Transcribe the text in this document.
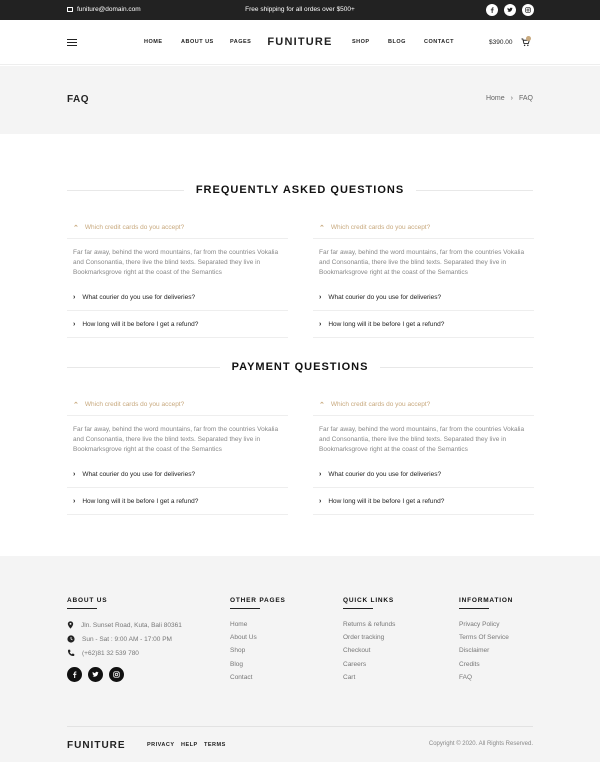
funiture@domain.com	Free shipping for all ordes over $500+
HOME	ABOUT US	PAGES	FUNITURE	SHOP	BLOG	CONTACT	$390.00
FAQ	Home › FAQ
FREQUENTLY ASKED QUESTIONS
⌃ Which credit cards do you accept?
Far far away, behind the word mountains, far from the countries Vokalia and Consonantia, there live the blind texts. Separated they live in Bookmarksgrove right at the coast of the Semantics
› What courier do you use for deliveries?
› How long will it be before I get a refund?
⌃ Which credit cards do you accept?
Far far away, behind the word mountains, far from the countries Vokalia and Consonantia, there live the blind texts. Separated they live in Bookmarksgrove right at the coast of the Semantics
› What courier do you use for deliveries?
› How long will it be before I get a refund?
PAYMENT QUESTIONS
⌃ Which credit cards do you accept?
Far far away, behind the word mountains, far from the countries Vokalia and Consonantia, there live the blind texts. Separated they live in Bookmarksgrove right at the coast of the Semantics
› What courier do you use for deliveries?
› How long will it be before I get a refund?
⌃ Which credit cards do you accept?
Far far away, behind the word mountains, far from the countries Vokalia and Consonantia, there live the blind texts. Separated they live in Bookmarksgrove right at the coast of the Semantics
› What courier do you use for deliveries?
› How long will it be before I get a refund?
ABOUT US
Jln. Sunset Road, Kuta, Bali 80361
Sun - Sat : 9:00 AM - 17:00 PM
(+62)81 32 539 780
OTHER PAGES
Home
About Us
Shop
Blog
Contact
QUICK LINKS
Returns & refunds
Order tracking
Checkout
Careers
Cart
INFORMATION
Privacy Policy
Terms Of Service
Disclaimer
Credits
FAQ
FUNITURE	PRIVACY HELP TERMS	Copyright © 2020. All Rights Reserved.
